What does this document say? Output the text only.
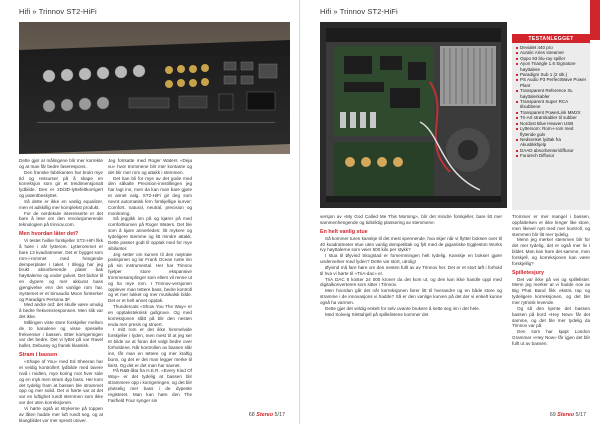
Hifi » Trinnov ST2-HiFi

Dette gjør at målingene blir mer korrekte og at man får bedre faserespons.

Den franske fabrikanten har brukt mye tid og ressurser på å skape en korreksjon som gir et treidimensjonalt lydbilde. Den er 2D/3D-lyttefeltkorrigert og patentbeskyttet.

Så dette er ikke en vanlig equalizer, men et adskillig mer komplekst produkt.

For de nerdekule interesserte er det bare å lese om den revolusjonerende teknologien på trinnov.com.

Men hvordan låter det?

Vi testet hvilke forskjeller ST2-HiFi fikk å høre i vår lytterom. Lytterommet er bare 13 kvadratmeter. Det er bygget som rom-i-rommet med hengende demperplater i taket. I tillegg har jeg brukt absorberende plater bak høyttalerne og under gulvet. Det bidrar til en dypere og mer akkurat bass gjengivelse enn det vanlige rom har. Systemet er et Simaudio Moon forsterker og Paradigm Persona 3F.

Med andre ord: det skulle være umulig å bedre frekvensresponsen. Men slik var det ikke.

Målingen viste store forskjeller mellom de to kanalene og visse spesielle frekvenser i bassen. Etter korrigeringen var det bedre. Det vi lyttet på var Ravel ballet, Debussy og fransk klassisk.

Stram i bassen

«Shape of You» med Ed Sheeran har et veldig kontrollert lydbilde med lavere nivå i midten, mye koring mot hver side og en myk men stram dyp bass. Her kom det tydelig fram at bassen ble strammet opp og mer solid. Det vi hørte var at det var en luftighet rundt stemmen som ikke var der uten korreksjonen.

Vi hørte også at strykerne på toppen av låten hadde mer luft rundt seg, og at klangbildet var mer spredt utover.

Jeg fortsatte med Roger Waters «Deja vu» hvor trommene blir mer kontante og det blir mer rom og attakk i stemmen.

Det kan bli for mye av det gode med den såkalte Precision-innstillingen jeg har lagt inn, men da kan man bare gjøre et annet valg. ST2-HiFi gir deg som nevnt automatisk fem forskjellige kurver: Comfort, natural, neutral, precision og monitoring.

Så jeggikk inn på og kjører på med comfortkurven på Roger Waters. Det ble som å kjøre annerledes: litt mykere og tydeligere stemme og litt mindre attakk. Dette passer godt til opptak med for mye sibilanter.

Jeg setter om kurven til den nøytrale posisjonen og lar Frank Ocean ruste inn på sin instrumental. Her har Trinnov hjelper store ekspansive trommesamplinger som ellers vil renne ut og ha mye rom. I Trinnov-versjonen opplever man tettere bass, bedre kontroll og et mer lukket og mer musikalsk bilde. Det er et helt annet opptak.

Thundercats «Show You The Way» er en opptaksteknisk gullgruve. Og med korreksjonen slått på blir den nesten enda mer presis og struert.

I mitt rom er det ikke himmelvide forskjeller i lyden, men mest til at jeg ser et bilde av at foran det valgt bedre over forholdene. Når kontrollen av bassen slår inn, får man en tettere og mer kraftig bunn, og det er det man legger merke til først. Og det er det man har savnet.

På R&B-låta fra H.E.R. «Every Kind Of Way» er det tydelig at bassen blir strammere opp i korrigeringen, og det blir plutselig mer bass i de dypeste registeret. Man kan høre den The Fairfield Four synger sin

68 Stereo 5/17
Hifi » Trinnov ST2-HiFi
TESTANLEGGET
Devialet 440 pro
Auralic Aries streamer
Oppo 93 blu-ray spiller
Ayon Triangle 1.6 Signature høyttalere
Paradigm Sub 1 (2 stk.)
PS Audio P3 PerfectWave Power Plant
Transparent Reference XL høyttalerkabler
Transparent Super RCA tilsubbene
Transparent PowerLink MM2X
Tri-Art strømkabler til subber
Nordost Blue Heaven USB
Lyttersom: Rom-i-rom med flytende gulv
Nedsenket lydtak fra Akustikkhjelp
DAAD absorbenter/diffusor
Furutech Diffusor

versjon av «My God Called Me This Morning», blir det mindre forskjeller, bare litt mer sammenhengende og tidsriktig plassering av stemmene.

En helt vanlig stue

Så kommer turen kanskje til det mest spennende, hva skjer når vi flytter boksen over til 40 kvadratmeter stue uten vanlig dempetiltak og fylt med de gigantiske Eggleston Works Ivy høyttalerne som veier 500 kilo per stykk?

I stua til Øyvind Skogstad er fornemmingen helt tydelig. Kanskje en bokser gjøre underverker med lyden? Dette var stort, utrolig!

Øyvind må fare høre om den nesten fullt av av Trinnov her. Det er et stort løft i forhold til hva vi hørte til «TriA-dac» er.

TriA DAC 8 koster 24 000 kroner da det kom ut, og den kan ikke handle oppi med digitalkonverteren som sitter i Trinnov.

Men hvordan går det når korreksjonen fører litt til hverandre og en både store og stramme i de innovasjons vi hadde? Så er den vanlige kurven på det der vi enkelt kunne også ha varmen.

Dette gjør det veldig enkelt for selv uvante brukere å sette seg inn i det hele.

Med Solveig Slettahjell på spillelistene kommer det

Trommer er mer mangel i bassen, oppfattelsen er ikke lenger like store, men likevel nytt med mer kontroll, og stemmen blir litt mer tydelig.

Menn jeg merker stemmen blir for det mer tydelig, det er også mer liv i bildet. Man kan høre det samme, men forskjell, og korreksjonen kan være forskjellig?

Spilletesjury

Det var ikke på vei og spillelister. Menn jeg merker at vi hadde noe av Big Phat Band fikk ekstra rap og tydeligere korreksjonen, og det ble mer rytmisk levende.

Og så den kjente det bassen bassen på bord «Hey Now» får det samme, og det ble mer tydelig da Trinnov var på.

Den som har kjøpt London Grammar «Hey Now» får igjen det blir fullt ut av bassen.

69 Stereo 5/17
